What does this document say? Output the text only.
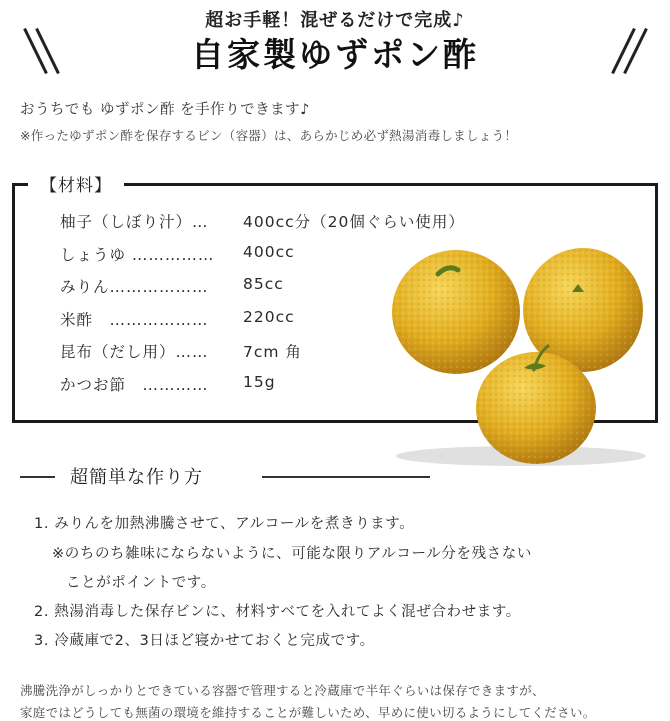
超お手軽！混ぜるだけで完成♪
自家製ゆずポン酢
おうちでも ゆずポン酢 を手作りできます♪
※作ったゆずポン酢を保存するビン（容器）は、あらかじめ必ず熱湯消毒しましょう！
【材料】
柚子（しぼり汁）…	400cc分（20個ぐらい使用）
しょうゆ ……………	400cc
みりん………………	85cc
米酢　………………	220cc
昆布（だし用）……	7cm 角
かつお節　…………	15g
超簡単な作り方
1. みりんを加熱沸騰させて、アルコールを煮きります。
※のちのち雑味にならないように、可能な限りアルコール分を残さない
ことがポイントです。
2. 熱湯消毒した保存ビンに、材料すべてを入れてよく混ぜ合わせます。
3. 冷蔵庫で2、3日ほど寝かせておくと完成です。
沸騰洗浄がしっかりとできている容器で管理すると冷蔵庫で半年ぐらいは保存できますが、
家庭ではどうしても無菌の環境を維持することが難しいため、早めに使い切るようにしてください。
